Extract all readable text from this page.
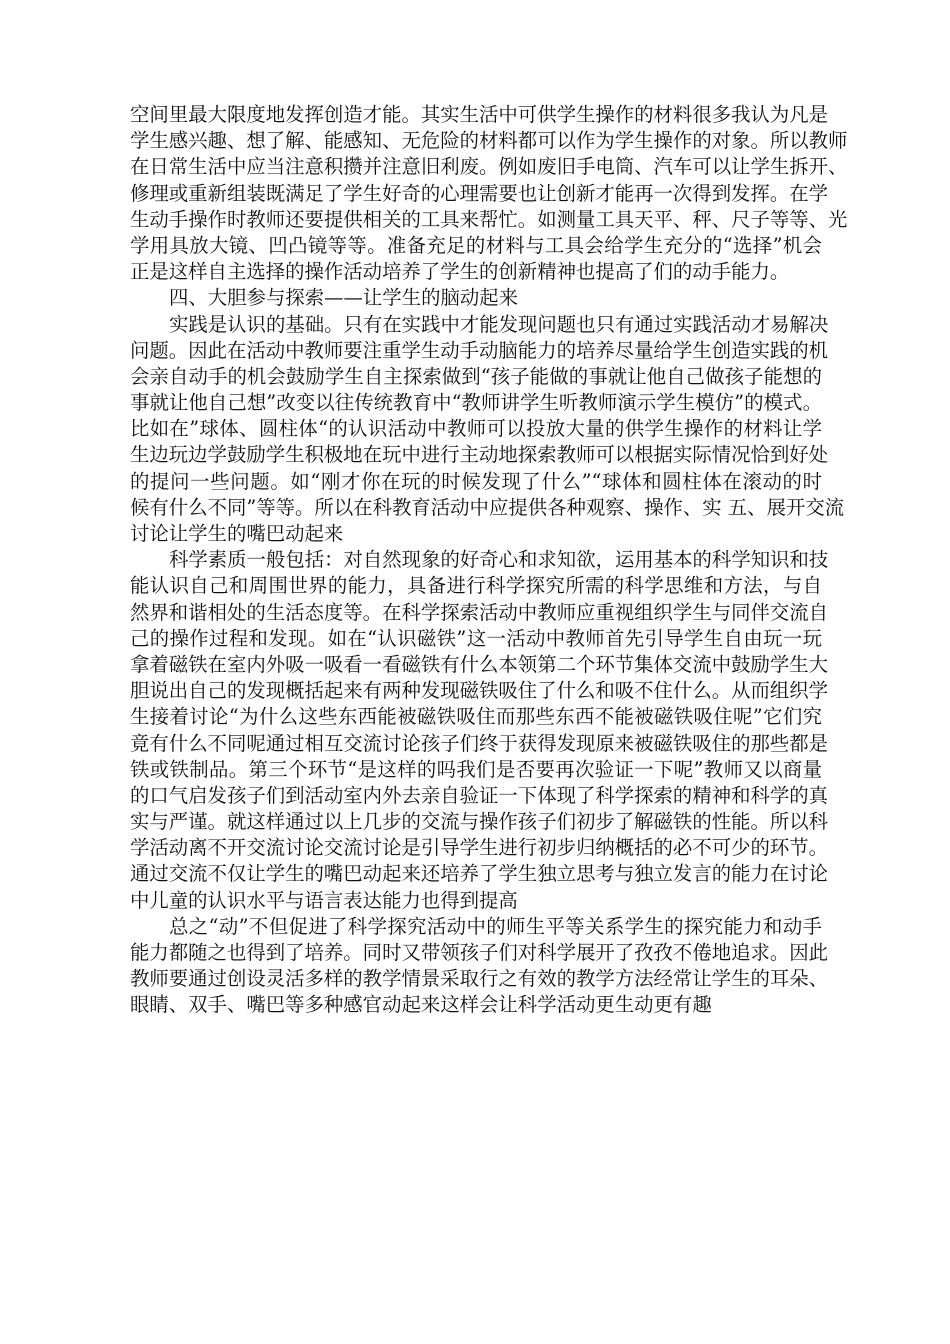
空间里最大限度地发挥创造才能。其实生活中可供学生操作的材料很多我认为凡是
学生感兴趣、想了解、能感知、无危险的材料都可以作为学生操作的对象。所以教师
在日常生活中应当注意积攒并注意旧利废。例如废旧手电筒、汽车可以让学生拆开、
修理或重新组装既满足了学生好奇的心理需要也让创新才能再一次得到发挥。在学
生动手操作时教师还要提供相关的工具来帮忙。如测量工具天平、秤、尺子等等、光
学用具放大镜、凹凸镜等等。准备充足的材料与工具会给学生充分的“选择”机会
正是这样自主选择的操作活动培养了学生的创新精神也提高了们的动手能力。
四、大胆参与探索——让学生的脑动起来
实践是认识的基础。只有在实践中才能发现问题也只有通过实践活动才易解决
问题。因此在活动中教师要注重学生动手动脑能力的培养尽量给学生创造实践的机
会亲自动手的机会鼓励学生自主探索做到“孩子能做的事就让他自己做孩子能想的
事就让他自己想”改变以往传统教育中“教师讲学生听教师演示学生模仿”的模式。
比如在”球体、圆柱体“的认识活动中教师可以投放大量的供学生操作的材料让学
生边玩边学鼓励学生积极地在玩中进行主动地探索教师可以根据实际情况恰到好处
的提问一些问题。如“刚才你在玩的时候发现了什么”“球体和圆柱体在滚动的时
候有什么不同”等等。所以在科教育活动中应提供各种观察、操作、实 五、展开交流
讨论让学生的嘴巴动起来
科学素质一般包括：对自然现象的好奇心和求知欲，运用基本的科学知识和技
能认识自己和周围世界的能力，具备进行科学探究所需的科学思维和方法，与自
然界和谐相处的生活态度等。在科学探索活动中教师应重视组织学生与同伴交流自
己的操作过程和发现。如在“认识磁铁”这一活动中教师首先引导学生自由玩一玩
拿着磁铁在室内外吸一吸看一看磁铁有什么本领第二个环节集体交流中鼓励学生大
胆说出自己的发现概括起来有两种发现磁铁吸住了什么和吸不住什么。从而组织学
生接着讨论“为什么这些东西能被磁铁吸住而那些东西不能被磁铁吸住呢”它们究
竟有什么不同呢通过相互交流讨论孩子们终于获得发现原来被磁铁吸住的那些都是
铁或铁制品。第三个环节“是这样的吗我们是否要再次验证一下呢”教师又以商量
的口气启发孩子们到活动室内外去亲自验证一下体现了科学探索的精神和科学的真
实与严谨。就这样通过以上几步的交流与操作孩子们初步了解磁铁的性能。所以科
学活动离不开交流讨论交流讨论是引导学生进行初步归纳概括的必不可少的环节。
通过交流不仅让学生的嘴巴动起来还培养了学生独立思考与独立发言的能力在讨论
中儿童的认识水平与语言表达能力也得到提高
总之“动”不但促进了科学探究活动中的师生平等关系学生的探究能力和动手
能力都随之也得到了培养。同时又带领孩子们对科学展开了孜孜不倦地追求。因此
教师要通过创设灵活多样的教学情景采取行之有效的教学方法经常让学生的耳朵、
眼睛、双手、嘴巴等多种感官动起来这样会让科学活动更生动更有趣
